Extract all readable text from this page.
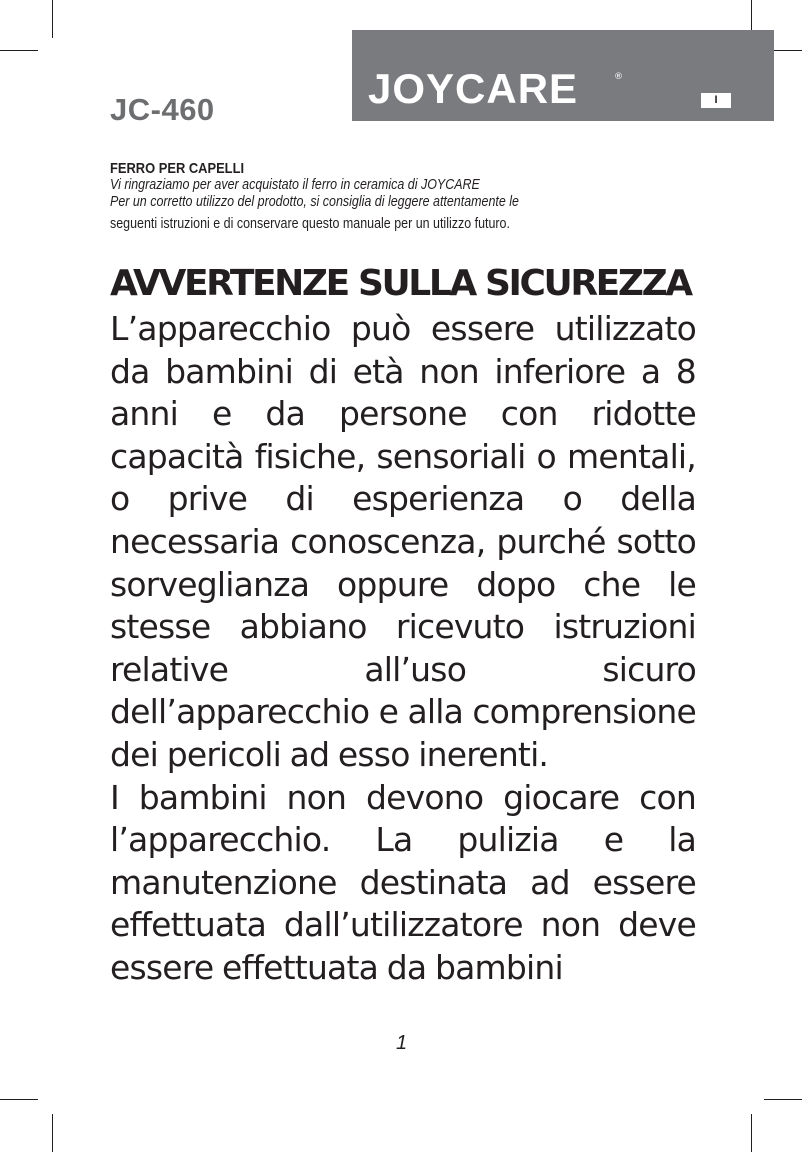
JC-460	JOYCARE	®
I
FERRO PER CAPELLI
Vi ringraziamo per aver acquistato il ferro in ceramica di JOYCARE
Per un corretto utilizzo del prodotto, si consiglia di leggere attentamente le
seguenti istruzioni e di conservare questo manuale per un utilizzo futuro.
AVVERTENZE SULLA SICUREZZA

L’apparecchio può essere utilizzato da bambini di età non inferiore a 8 anni e da persone con ridotte capacità fisiche, sensoriali o mentali, o prive di esperienza o della necessaria conoscenza, purché sotto sorveglianza oppure dopo che le stesse abbiano ricevuto istruzioni relative all’uso sicuro dell’apparecchio e alla comprensione dei pericoli ad esso inerenti.

I bambini non devono giocare con l’apparecchio. La pulizia e la manutenzione destinata ad essere effettuata dall’utilizzatore non deve essere effettuata da bambini

1
